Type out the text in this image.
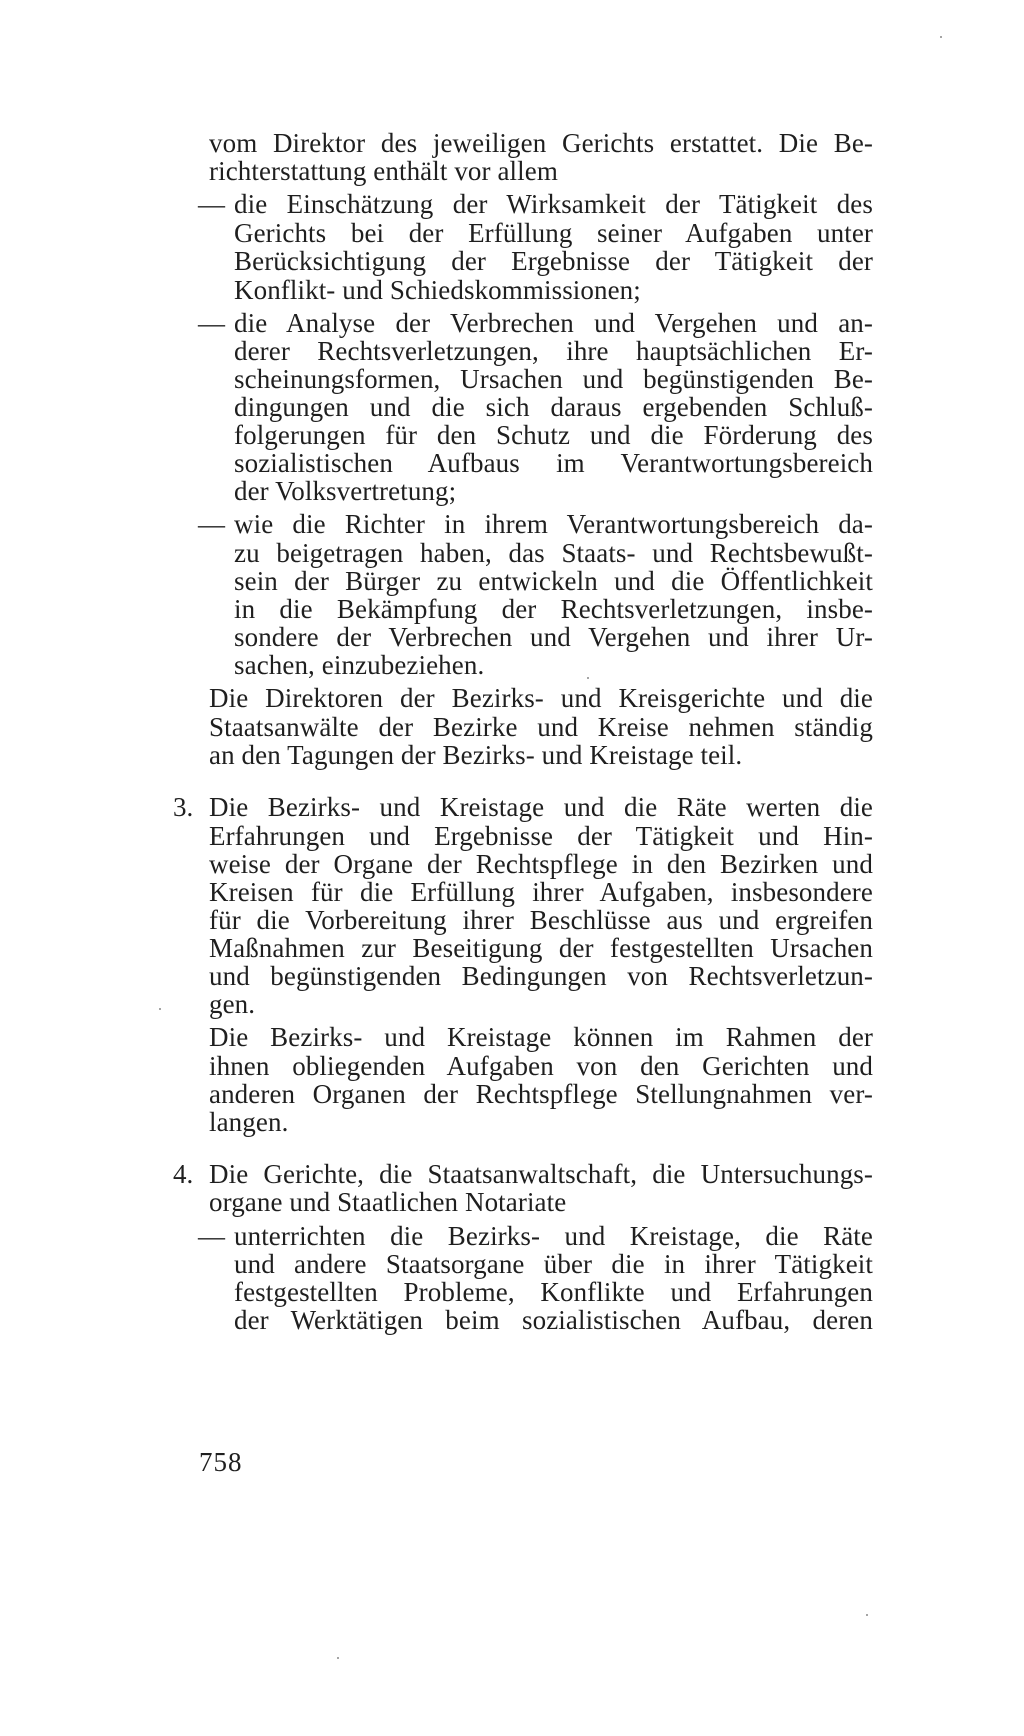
vom Direktor des jeweiligen Gerichts erstattet. Die Be-
richterstattung enthält vor allem
— die Einschätzung der Wirksamkeit der Tätigkeit des
Gerichts bei der Erfüllung seiner Aufgaben unter
Berücksichtigung der Ergebnisse der Tätigkeit der
Konflikt- und Schiedskommissionen;
— die Analyse der Verbrechen und Vergehen und an-
derer Rechtsverletzungen, ihre hauptsächlichen Er-
scheinungsformen, Ursachen und begünstigenden Be-
dingungen und die sich daraus ergebenden Schluß-
folgerungen für den Schutz und die Förderung des
sozialistischen Aufbaus im Verantwortungsbereich
der Volksvertretung;
— wie die Richter in ihrem Verantwortungsbereich da-
zu beigetragen haben, das Staats- und Rechtsbewußt-
sein der Bürger zu entwickeln und die Öffentlichkeit
in die Bekämpfung der Rechtsverletzungen, insbe-
sondere der Verbrechen und Vergehen und ihrer Ur-
sachen, einzubeziehen.
Die Direktoren der Bezirks- und Kreisgerichte und die
Staatsanwälte der Bezirke und Kreise nehmen ständig
an den Tagungen der Bezirks- und Kreistage teil.
3. Die Bezirks- und Kreistage und die Räte werten die
Erfahrungen und Ergebnisse der Tätigkeit und Hin-
weise der Organe der Rechtspflege in den Bezirken und
Kreisen für die Erfüllung ihrer Aufgaben, insbesondere
für die Vorbereitung ihrer Beschlüsse aus und ergreifen
Maßnahmen zur Beseitigung der festgestellten Ursachen
und begünstigenden Bedingungen von Rechtsverletzun-
gen.
Die Bezirks- und Kreistage können im Rahmen der
ihnen obliegenden Aufgaben von den Gerichten und
anderen Organen der Rechtspflege Stellungnahmen ver-
langen.
4. Die Gerichte, die Staatsanwaltschaft, die Untersuchungs-
organe und Staatlichen Notariate
— unterrichten die Bezirks- und Kreistage, die Räte
und andere Staatsorgane über die in ihrer Tätigkeit
festgestellten Probleme, Konflikte und Erfahrungen
der Werktätigen beim sozialistischen Aufbau, deren
758
